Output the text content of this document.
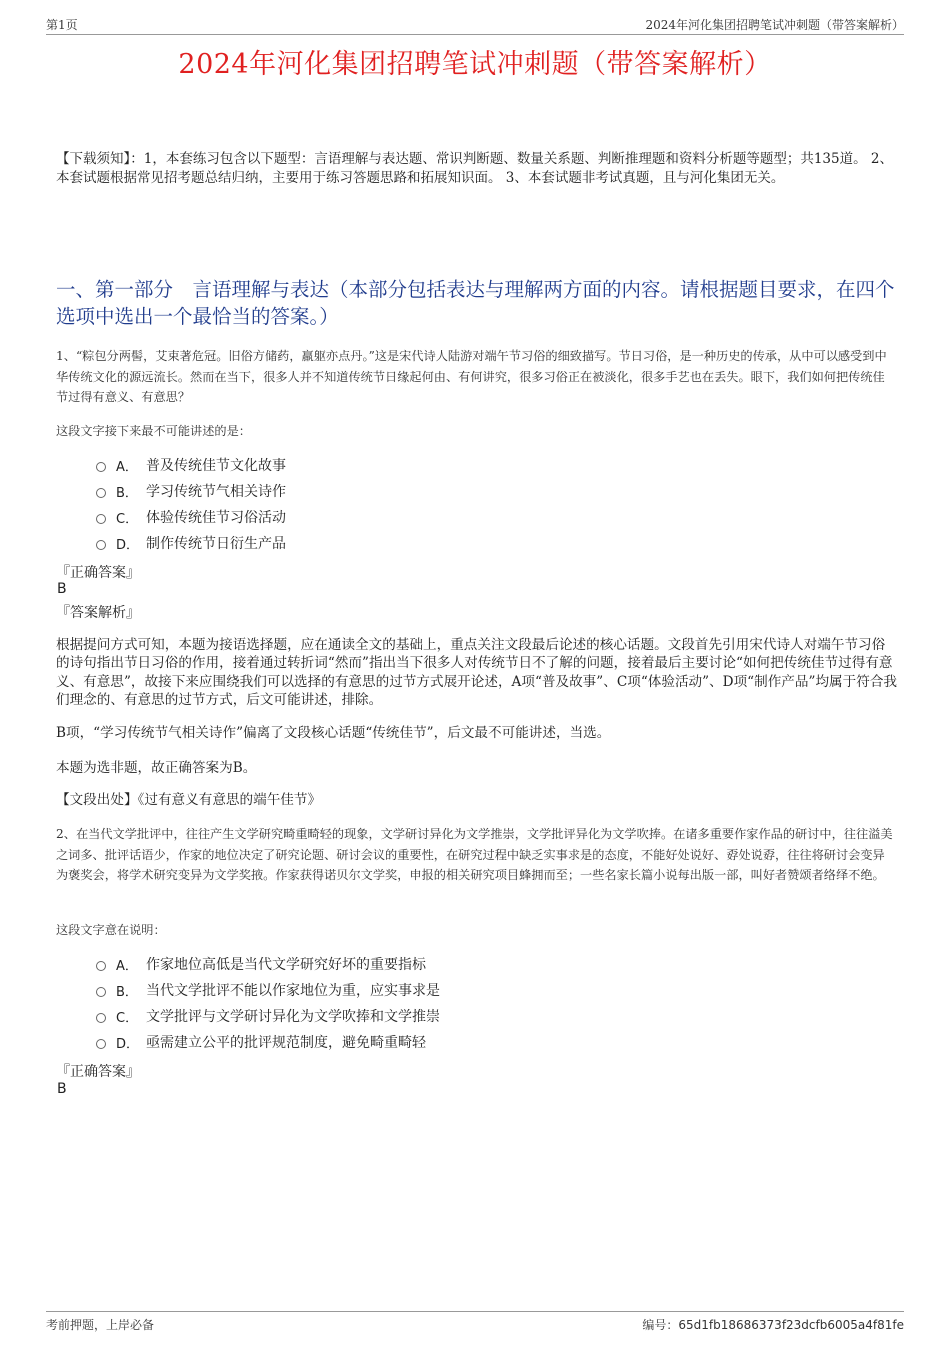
第1页	2024年河化集团招聘笔试冲刺题（带答案解析）
2024年河化集团招聘笔试冲刺题（带答案解析）
【下载须知】：1，本套练习包含以下题型：言语理解与表达题、常识判断题、数量关系题、判断推理题和资料分析题等题型；共135道。 2、本套试题根据常见招考题总结归纳，主要用于练习答题思路和拓展知识面。 3、本套试题非考试真题，且与河化集团无关。
一、第一部分　言语理解与表达（本部分包括表达与理解两方面的内容。请根据题目要求，在四个选项中选出一个最恰当的答案。）
1、“粽包分两髻，艾束著危冠。旧俗方储药，羸躯亦点丹。”这是宋代诗人陆游对端午节习俗的细致描写。节日习俗，是一种历史的传承，从中可以感受到中华传统文化的源远流长。然而在当下，很多人并不知道传统节日缘起何由、有何讲究，很多习俗正在被淡化，很多手艺也在丢失。眼下，我们如何把传统佳节过得有意义、有意思？
这段文字接下来最不可能讲述的是：
A． 普及传统佳节文化故事
B． 学习传统节气相关诗作
C． 体验传统佳节习俗活动
D． 制作传统节日衍生产品
『正确答案』
B
『答案解析』
根据提问方式可知，本题为接语选择题，应在通读全文的基础上，重点关注文段最后论述的核心话题。文段首先引用宋代诗人对端午节习俗的诗句指出节日习俗的作用，接着通过转折词“然而”指出当下很多人对传统节日不了解的问题，接着最后主要讨论“如何把传统佳节过得有意义、有意思”，故接下来应围绕我们可以选择的有意思的过节方式展开论述，A项“普及故事”、C项“体验活动”、D项“制作产品”均属于符合我们理念的、有意思的过节方式，后文可能讲述，排除。
B项，“学习传统节气相关诗作”偏离了文段核心话题“传统佳节”，后文最不可能讲述，当选。
本题为选非题，故正确答案为B。
【文段出处】《过有意义有意思的端午佳节》
2、在当代文学批评中，往往产生文学研究畸重畸轻的现象，文学研讨异化为文学推崇，文学批评异化为文学吹捧。在诸多重要作家作品的研讨中，往往溢美之词多、批评话语少，作家的地位决定了研究论题、研讨会议的重要性，在研究过程中缺乏实事求是的态度，不能好处说好、孬处说孬，往往将研讨会变异为褒奖会，将学术研究变异为文学奖掖。作家获得诺贝尔文学奖，申报的相关研究项目蜂拥而至；一些名家长篇小说每出版一部，叫好者赞颂者络绎不绝。
这段文字意在说明：
A． 作家地位高低是当代文学研究好坏的重要指标
B． 当代文学批评不能以作家地位为重，应实事求是
C． 文学批评与文学研讨异化为文学吹捧和文学推崇
D． 亟需建立公平的批评规范制度，避免畸重畸轻
『正确答案』
B
考前押题，上岸必备	编号：65d1fb18686373f23dcfb6005a4f81fe
